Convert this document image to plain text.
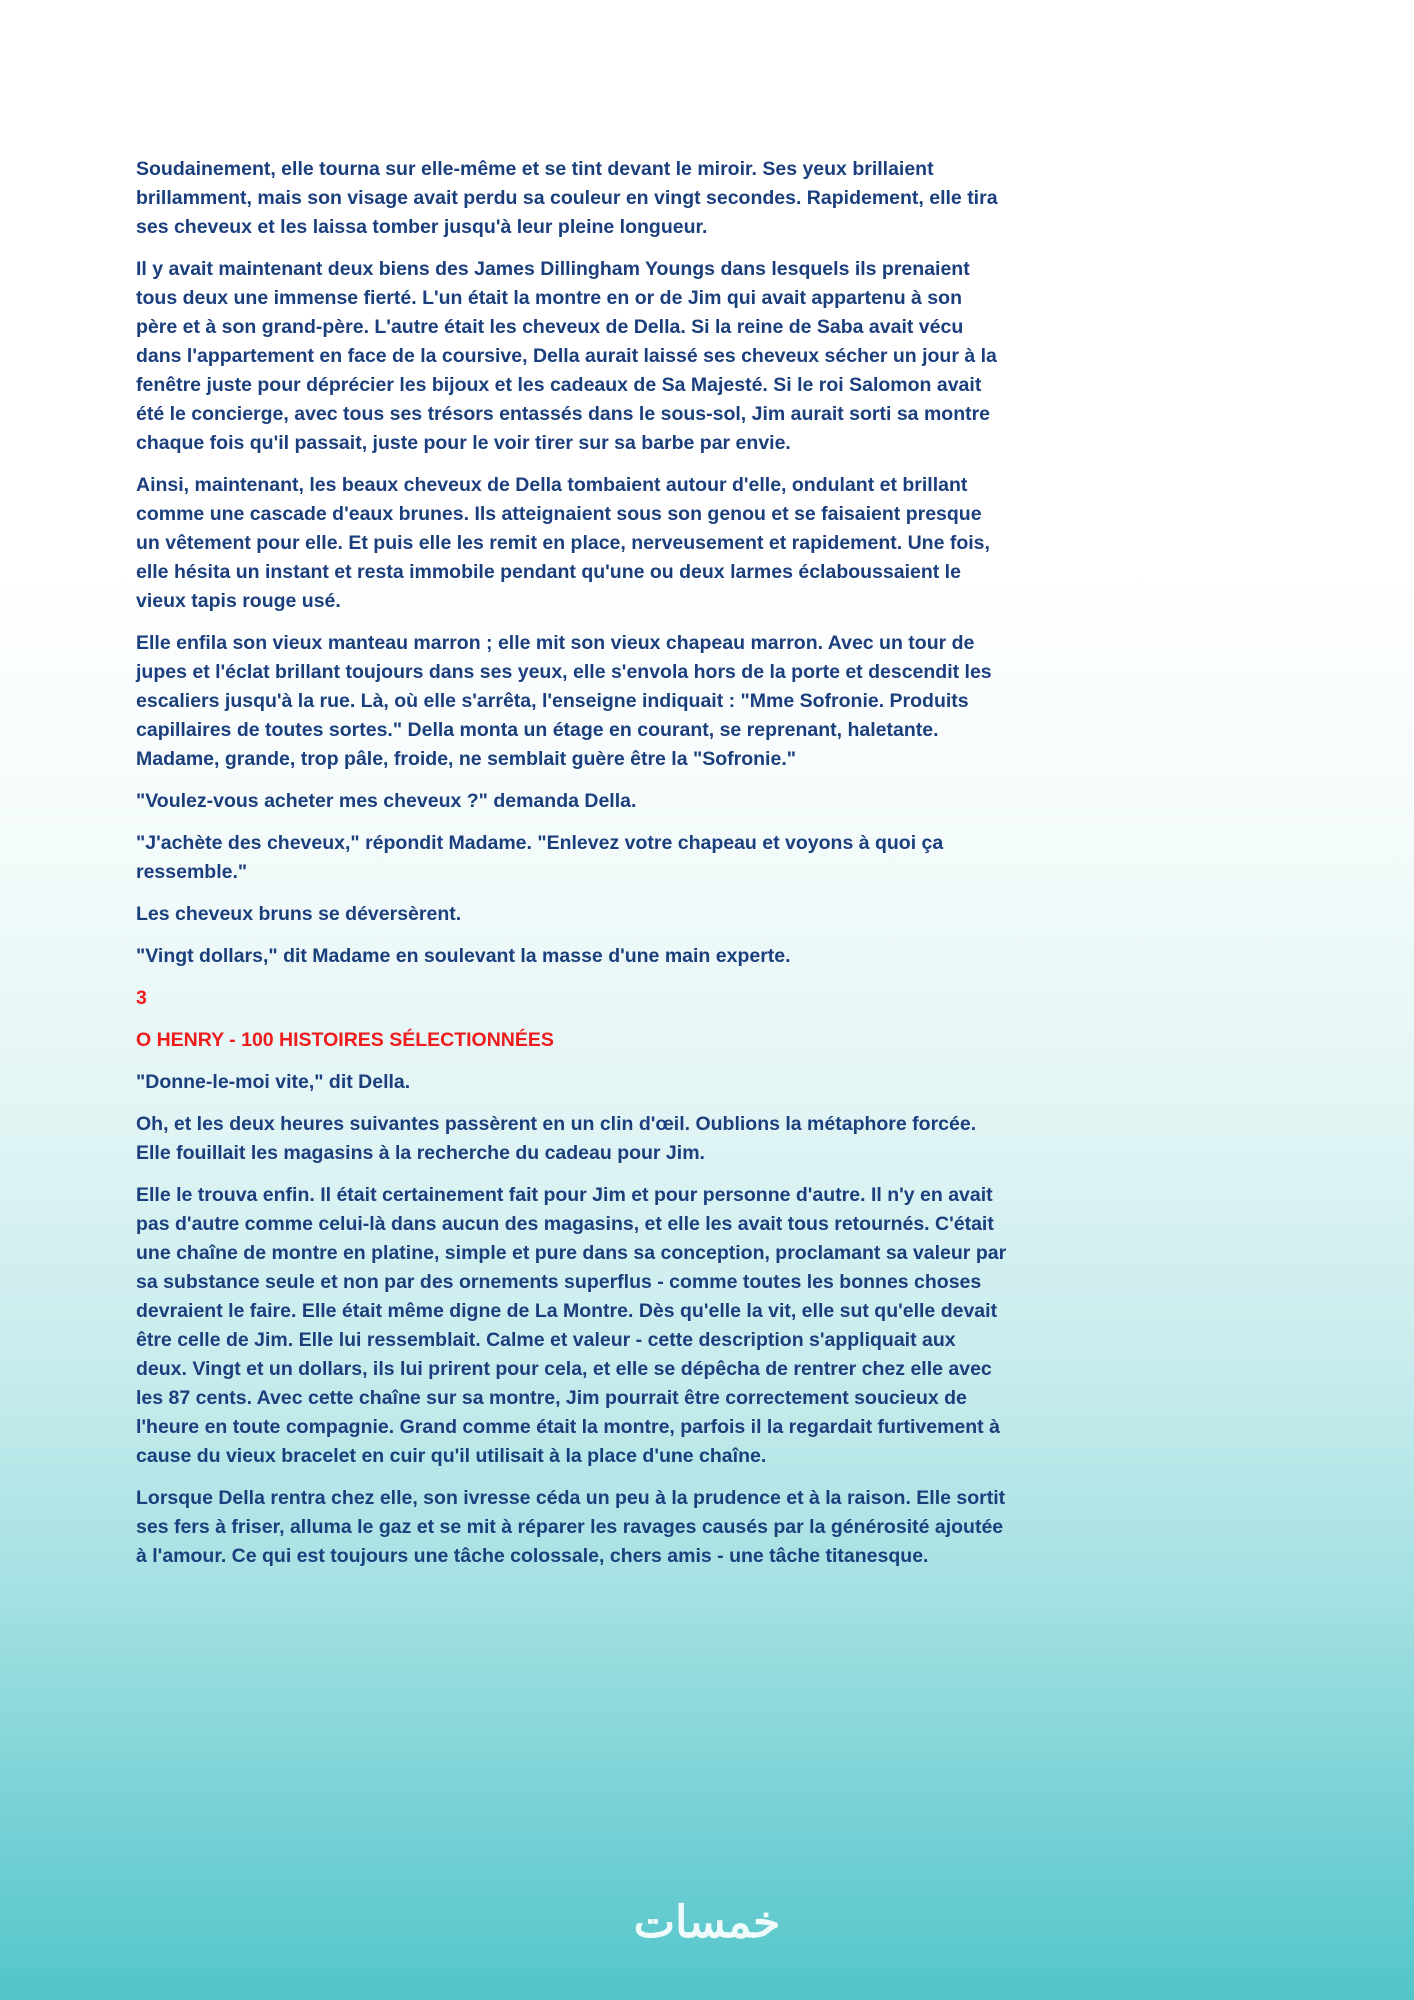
Soudainement, elle tourna sur elle-même et se tint devant le miroir. Ses yeux brillaient brillamment, mais son visage avait perdu sa couleur en vingt secondes. Rapidement, elle tira ses cheveux et les laissa tomber jusqu'à leur pleine longueur.

Il y avait maintenant deux biens des James Dillingham Youngs dans lesquels ils prenaient tous deux une immense fierté. L'un était la montre en or de Jim qui avait appartenu à son père et à son grand-père. L'autre était les cheveux de Della. Si la reine de Saba avait vécu dans l'appartement en face de la coursive, Della aurait laissé ses cheveux sécher un jour à la fenêtre juste pour déprécier les bijoux et les cadeaux de Sa Majesté. Si le roi Salomon avait été le concierge, avec tous ses trésors entassés dans le sous-sol, Jim aurait sorti sa montre chaque fois qu'il passait, juste pour le voir tirer sur sa barbe par envie.

Ainsi, maintenant, les beaux cheveux de Della tombaient autour d'elle, ondulant et brillant comme une cascade d'eaux brunes. Ils atteignaient sous son genou et se faisaient presque un vêtement pour elle. Et puis elle les remit en place, nerveusement et rapidement. Une fois, elle hésita un instant et resta immobile pendant qu'une ou deux larmes éclaboussaient le vieux tapis rouge usé.

Elle enfila son vieux manteau marron ; elle mit son vieux chapeau marron. Avec un tour de jupes et l'éclat brillant toujours dans ses yeux, elle s'envola hors de la porte et descendit les escaliers jusqu'à la rue. Là, où elle s'arrêta, l'enseigne indiquait : "Mme Sofronie. Produits capillaires de toutes sortes." Della monta un étage en courant, se reprenant, haletante. Madame, grande, trop pâle, froide, ne semblait guère être la "Sofronie."

"Voulez-vous acheter mes cheveux ?" demanda Della.

"J'achète des cheveux," répondit Madame. "Enlevez votre chapeau et voyons à quoi ça ressemble."

Les cheveux bruns se déversèrent.

"Vingt dollars," dit Madame en soulevant la masse d'une main experte.

3

O HENRY - 100 HISTOIRES SÉLECTIONNÉES

"Donne-le-moi vite," dit Della.

Oh, et les deux heures suivantes passèrent en un clin d'œil. Oublions la métaphore forcée. Elle fouillait les magasins à la recherche du cadeau pour Jim.

Elle le trouva enfin. Il était certainement fait pour Jim et pour personne d'autre. Il n'y en avait pas d'autre comme celui-là dans aucun des magasins, et elle les avait tous retournés. C'était une chaîne de montre en platine, simple et pure dans sa conception, proclamant sa valeur par sa substance seule et non par des ornements superflus - comme toutes les bonnes choses devraient le faire. Elle était même digne de La Montre. Dès qu'elle la vit, elle sut qu'elle devait être celle de Jim. Elle lui ressemblait. Calme et valeur - cette description s'appliquait aux deux. Vingt et un dollars, ils lui prirent pour cela, et elle se dépêcha de rentrer chez elle avec les 87 cents. Avec cette chaîne sur sa montre, Jim pourrait être correctement soucieux de l'heure en toute compagnie. Grand comme était la montre, parfois il la regardait furtivement à cause du vieux bracelet en cuir qu'il utilisait à la place d'une chaîne.

Lorsque Della rentra chez elle, son ivresse céda un peu à la prudence et à la raison. Elle sortit ses fers à friser, alluma le gaz et se mit à réparer les ravages causés par la générosité ajoutée à l'amour. Ce qui est toujours une tâche colossale, chers amis - une tâche titanesque.

خمسات
